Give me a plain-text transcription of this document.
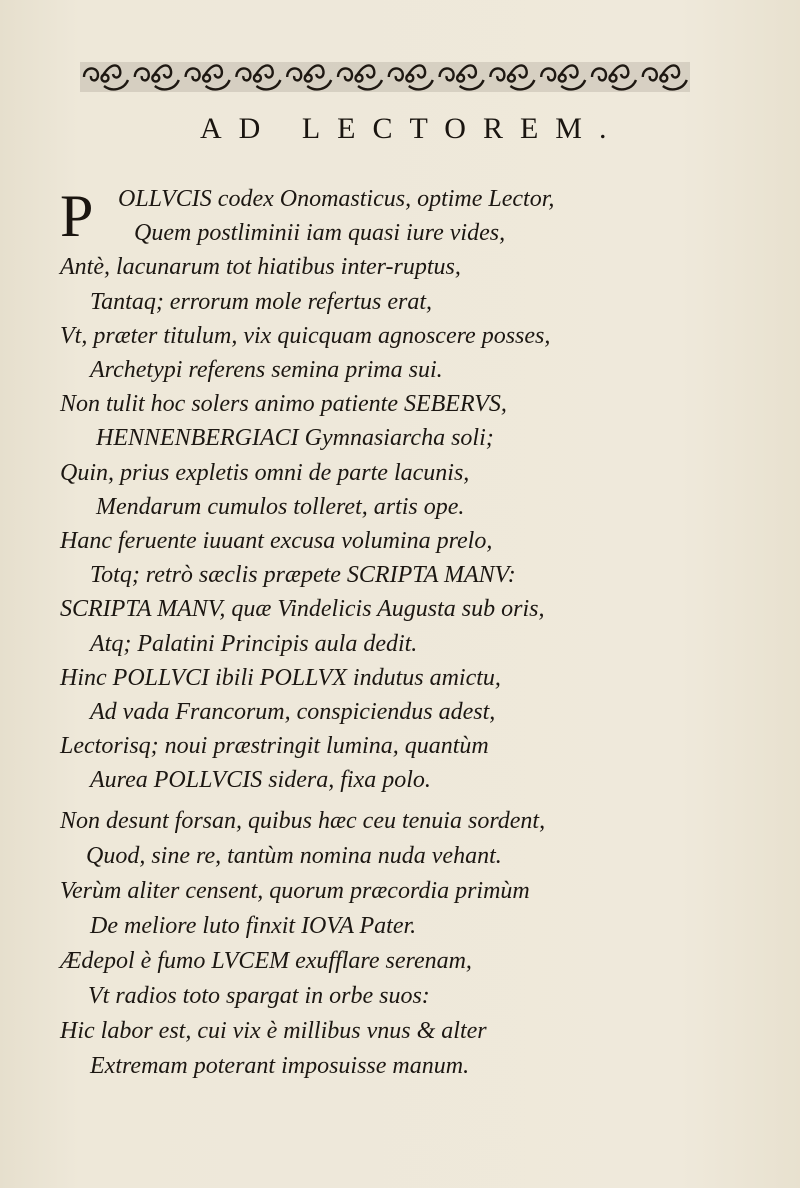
AD LECTOREM.
P OLLVCIS codex Onomasticus, optime Lector,
Quem postliminii iam quasi iure vides,
Antè, lacunarum tot hiatibus inter-ruptus,
Tantaq; errorum mole refertus erat,
Vt, præter titulum, vix quicquam agnoscere posses,
Archetypi referens semina prima sui.
Non tulit hoc solers animo patiente SEBERVS,
HENNENBERGIACI Gymnasiarcha soli;
Quin, prius expletis omni de parte lacunis,
Mendarum cumulos tolleret, artis ope.
Hanc feruente iuuant excusa volumina prelo,
Totq; retrò sæclis præpete SCRIPTA MANV:
SCRIPTA MANV, quæ Vindelicis Augusta sub oris,
Atq; Palatini Principis aula dedit.
Hinc POLLVCI ibili POLLVX indutus amictu,
Ad vada Francorum, conspiciendus adest,
Lectorisq; noui præstringit lumina, quantùm
Aurea POLLVCIS sidera, fixa polo.
Non desunt forsan, quibus hæc ceu tenuia sordent,
Quod, sine re, tantùm nomina nuda vehant.
Verùm aliter censent, quorum præcordia primùm
De meliore luto finxit IOVA Pater.
Ædepol è fumo LVCEM exufflare serenam,
Vt radios toto spargat in orbe suos:
Hic labor est, cui vix è millibus vnus & alter
Extremam poterant imposuisse manum.
